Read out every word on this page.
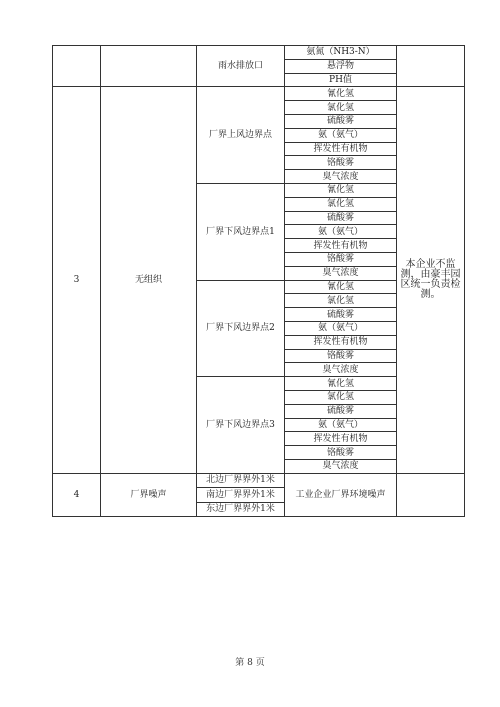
		雨水排放口	氨氮（NH3-N）	
			悬浮物	
			PH值	
3	无组织	厂界上风边界点	氰化氢	本企业不监测，由豪丰园区统一负责检测。
			氯化氢	
			硫酸雾	
			氨（氨气）	
			挥发性有机物	
			铬酸雾	
			臭气浓度	
		厂界下风边界点1	氰化氢	
			氯化氢	
			硫酸雾	
			氨（氨气）	
			挥发性有机物	
			铬酸雾	
			臭气浓度	
		厂界下风边界点2	氰化氢	
			氯化氢	
			硫酸雾	
			氨（氨气）	
			挥发性有机物	
			铬酸雾	
			臭气浓度	
		厂界下风边界点3	氰化氢	
			氯化氢	
			硫酸雾	
			氨（氨气）	
			挥发性有机物	
			铬酸雾	
			臭气浓度	
4	厂界噪声	北边厂界界外1米	工业企业厂界环境噪声	
		南边厂界界外1米		
		东边厂界界外1米		
第 8 页
